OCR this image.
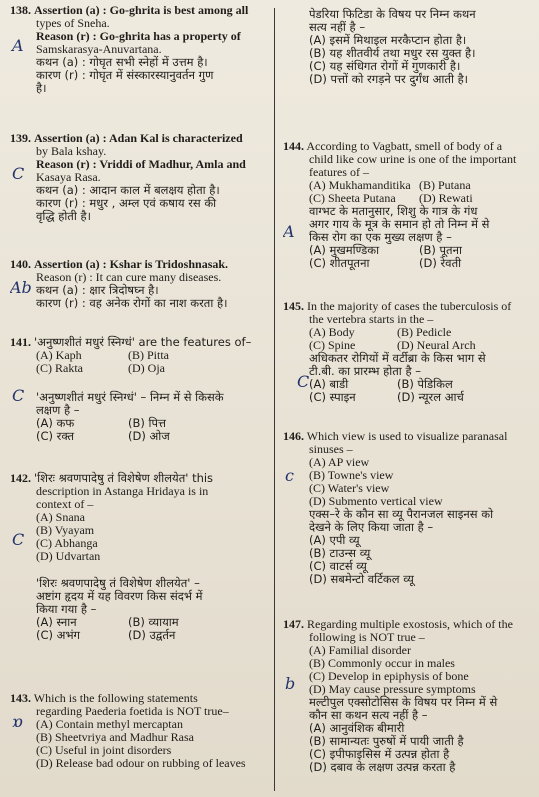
138. Assertion (a) : Go-ghrita is best among all
types of Sneha.
Reason (r) : Go-ghrita has a property of
Samskarasya-Anuvartana.
कथन (a) : गोघृत सभी स्नेहों में उत्तम है।
कारण (r) : गोघृत में संस्कारस्यानुवर्तन गुण
है।
A
139. Assertion (a) : Adan Kal is characterized
by Bala kshay.
Reason (r) : Vriddi of Madhur, Amla and
Kasaya Rasa.
कथन (a) : आदान काल में बलक्षय होता है।
कारण (r) : मधुर , अम्ल एवं कषाय रस की
वृद्धि होती है।
C
140. Assertion (a) : Kshar is Tridoshnasak.
Reason (r) : It can cure many diseases.
कथन (a) : क्षार त्रिदोषघ्न है।
कारण (r) : वह अनेक रोगों का नाश करता है।
Ab
141. 'अनुष्णशीतं मधुरं स्निग्धं' are the features of–
(A) Kaph	(B) Pitta
(C) Rakta	(D) Oja
'अनुष्णशीतं मधुरं स्निग्धं' – निम्न में से किसके
लक्षण है –
(A) कफ	(B) पित्त
(C) रक्त	(D) ओज
C
142. 'शिरः श्रवणपादेषु तं विशेषेण शीलयेत' this
description in Astanga Hridaya is in
context of –
(A) Snana
(B) Vyayam
(C) Abhanga
(D) Udvartan
'शिरः श्रवणपादेषु तं विशेषेण शीलयेत' –
अष्टांग हृदय में यह विवरण किस संदर्भ में
किया गया है –
(A) स्नान	(B) व्यायाम
(C) अभंग	(D) उद्वर्तन
C
143. Which is the following statements
regarding Paederia foetida is NOT true–
(A) Contain methyl mercaptan
(B) Sheetvriya and Madhur Rasa
(C) Useful in joint disorders
(D) Release bad odour on rubbing of leaves
ɒ
पेडरिया फिटिडा के विषय पर निम्न कथन
सत्य नहीं है –
(A) इसमें मिथाइल मरकैप्टान होता है।
(B) यह शीतवीर्य तथा मधुर रस युक्त है।
(C) यह संधिगत रोगों में गुणकारी है।
(D) पत्तों को रगड़ने पर दुर्गंध आती है।
144. According to Vagbatt, smell of body of a
child like cow urine is one of the important
features of –
(A) Mukhamanditika (B) Putana
(C) Sheeta Putana	(D) Rewati
वाग्भट के मतानुसार, शिशु के गात्र के गंध
अगर गाय के मूत्र के समान हो तो निम्न में से
किस रोग का एक मुख्य लक्षण है –
(A) मुखमण्डिका	(B) पूतना
(C) शीतपूतना	(D) रेवती
A
145. In the majority of cases the tuberculosis of
the vertebra starts in the –
(A) Body	(B) Pedicle
(C) Spine	(D) Neural Arch
अधिकतर रोगियों में वर्टीब्रा के किस भाग से
टी.बी. का प्रारम्भ होता है –
(A) बाडी	(B) पेडिकिल
(C) स्पाइन	(D) न्यूरल आर्च
C
146. Which view is used to visualize paranasal
sinuses –
(A) AP view
(B) Towne's view
(C) Water's view
(D) Submento vertical view
एक्स–रे के कौन सा व्यू पैरानजल साइनस को
देखने के लिए किया जाता है –
(A) एपी व्यू
(B) टाउन्स व्यू
(C) वाटर्स व्यू
(D) सबमेन्टो वर्टिकल व्यू
c
147. Regarding multiple exostosis, which of the
following is NOT true –
(A) Familial disorder
(B) Commonly occur in males
(C) Develop in epiphysis of bone
(D) May cause pressure symptoms
मल्टीपुल एक्सोटोसिस के विषय पर निम्न में से
कौन सा कथन सत्य नहीं है –
(A) आनुवंशिक बीमारी
(B) सामान्यतः पुरुषों में पायी जाती है
(C) इपीफाइसिस में उत्पन्न होता है
(D) दबाव के लक्षण उत्पन्न करता है
b
